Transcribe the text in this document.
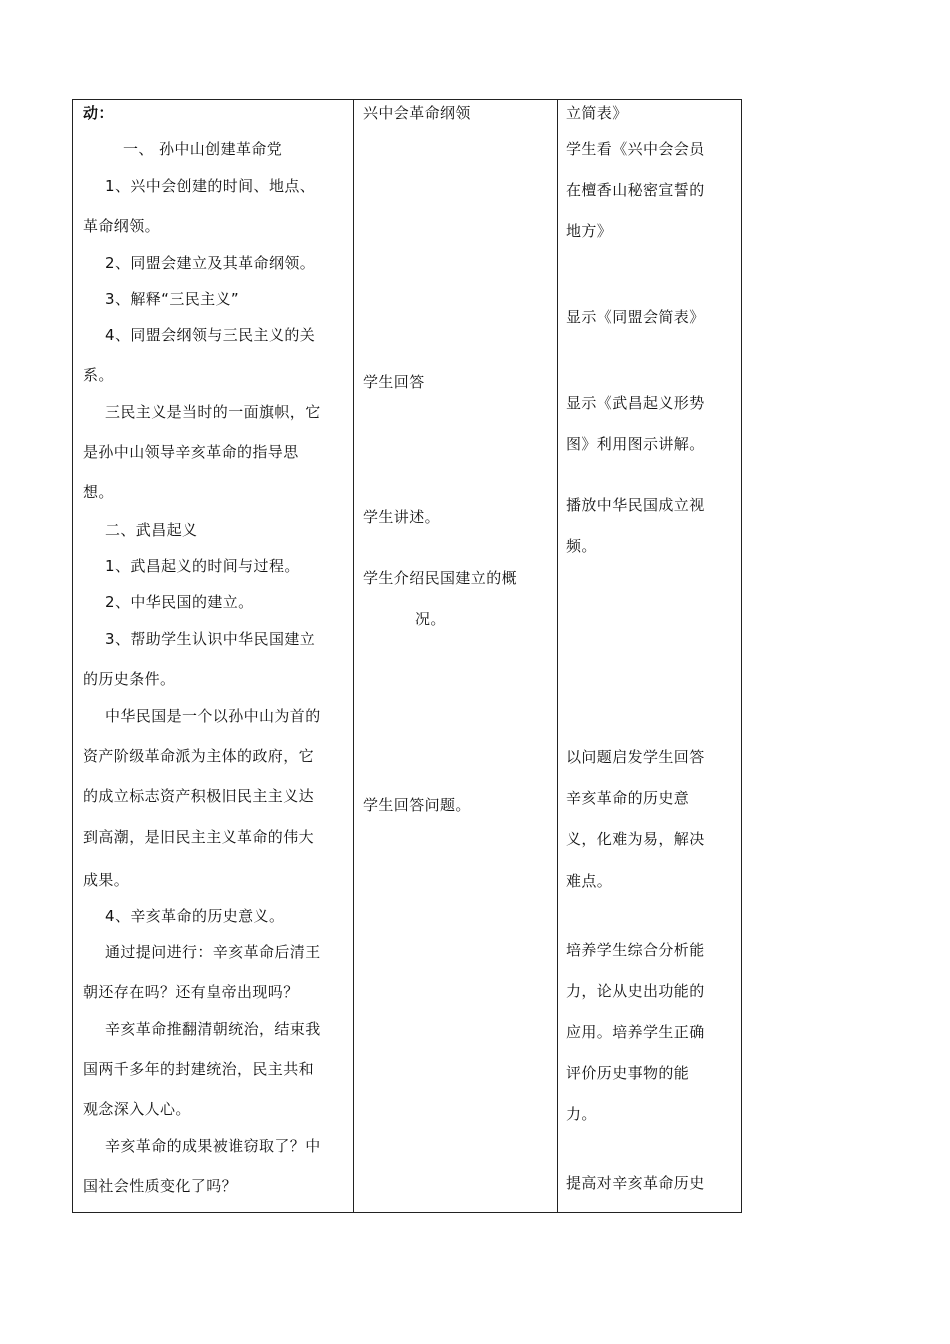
动：
一、 孙中山创建革命党
1、兴中会创建的时间、地点、
革命纲领。
2、同盟会建立及其革命纲领。
3、解释“三民主义”
4、同盟会纲领与三民主义的关
系。
三民主义是当时的一面旗帜，它
是孙中山领导辛亥革命的指导思
想。
二、武昌起义
1、武昌起义的时间与过程。
2、中华民国的建立。
3、帮助学生认识中华民国建立
的历史条件。
中华民国是一个以孙中山为首的
资产阶级革命派为主体的政府，它
的成立标志资产积极旧民主主义达
到高潮，是旧民主主义革命的伟大
成果。
4、辛亥革命的历史意义。
通过提问进行：辛亥革命后清王
朝还存在吗？还有皇帝出现吗？
辛亥革命推翻清朝统治，结束我
国两千多年的封建统治，民主共和
观念深入人心。
辛亥革命的成果被谁窃取了？中
国社会性质变化了吗？
兴中会革命纲领
学生回答
学生讲述。
学生介绍民国建立的概
况。
学生回答问题。
立简表》
学生看《兴中会会员
在檀香山秘密宣誓的
地方》
显示《同盟会简表》
显示《武昌起义形势
图》利用图示讲解。
播放中华民国成立视
频。
以问题启发学生回答
辛亥革命的历史意
义，化难为易，解决
难点。
培养学生综合分析能
力，论从史出功能的
应用。培养学生正确
评价历史事物的能
力。
提高对辛亥革命历史
